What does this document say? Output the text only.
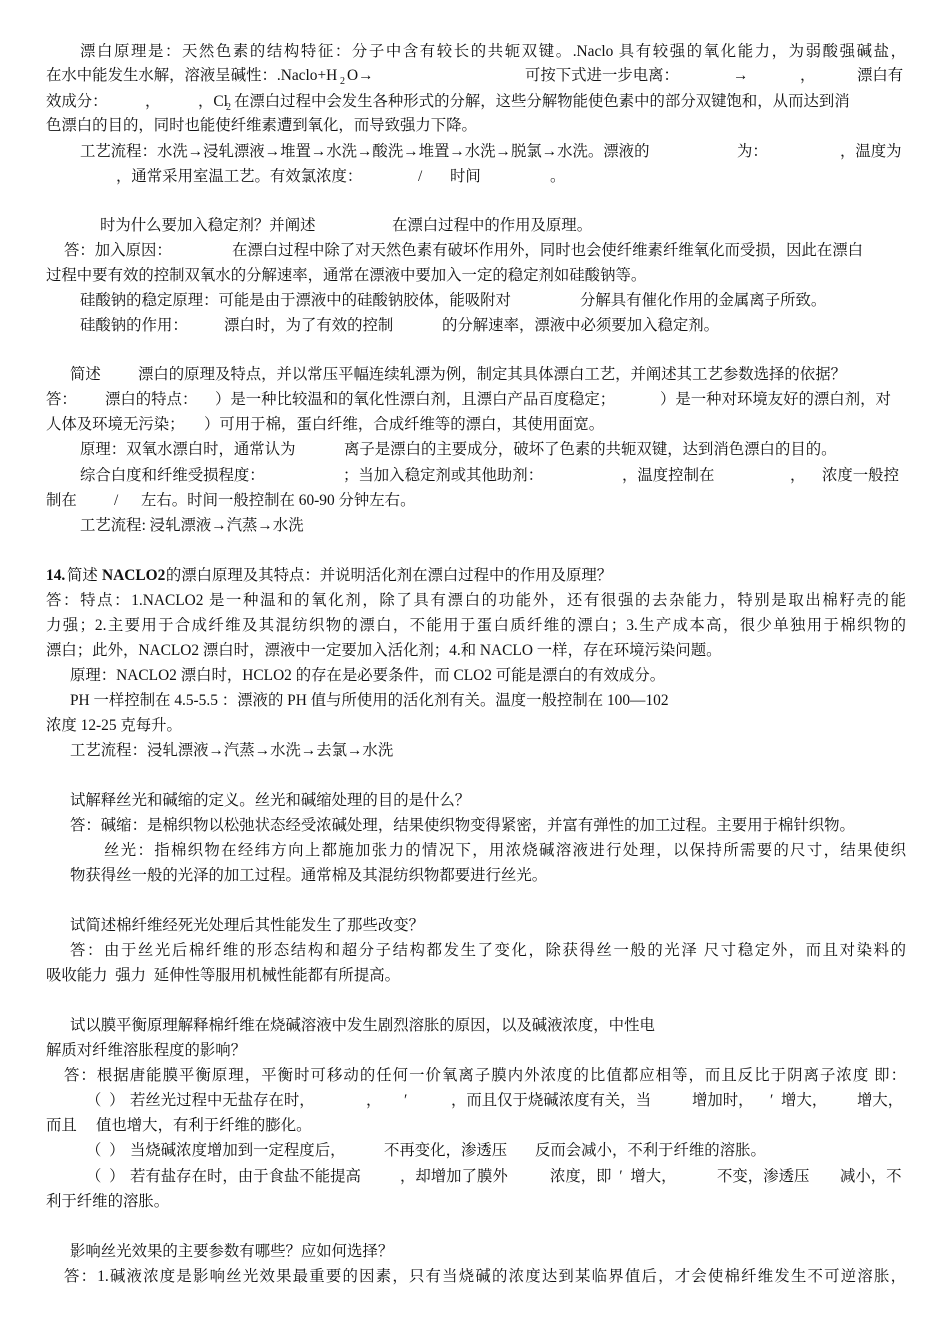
漂白原理是：天然色素的结构特征：分子中含有较长的共轭双键。.Naclo 具有较强的氧化能力，为弱酸强碱盐，
在水中能发生水解，溶液呈碱性：.Naclo+H 2 O→	可按下式进一步电离：	→	，	漂白有
效成分： ， ，Cl
2 在漂白过程中会发生各种形式的分解，这些分解物能使色素中的部分双键饱和，从而达到消
色漂白的目的，同时也能使纤维素遭到氧化，而导致强力下降。
工艺流程：水洗→浸轧漂液→堆置→水洗→酸洗→堆置→水洗→脱氯→水洗。漂液的	为：	，温度为
，通常采用室温工艺。有效氯浓度：	/ 时间	。
时为什么要加入稳定剂？并阐述	在漂白过程中的作用及原理。
答：加入原因：	在漂白过程中除了对天然色素有破坏作用外，同时也会使纤维素纤维氧化而受损，因此在漂白
过程中要有效的控制双氧水的分解速率，通常在漂液中要加入一定的稳定剂如硅酸钠等。
硅酸钠的稳定原理：可能是由于漂液中的硅酸钠胶体，能吸附对	分解具有催化作用的金属离子所致。
硅酸钠的作用： 漂白时，为了有效的控制	的分解速率，漂液中必须要加入稳定剂。
简述 漂白的原理及特点，并以常压平幅连续轧漂为例，制定其具体漂白工艺，并阐述其工艺参数选择的依据？
答： 漂白的特点： ）是一种比较温和的氧化性漂白剂，且漂白产品百度稳定；	）是一种对环境友好的漂白剂，对
人体及环境无污染； ）可用于棉，蛋白纤维，合成纤维等的漂白，其使用面宽。
原理：双氧水漂白时，通常认为	离子是漂白的主要成分，破坏了色素的共轭双键，达到消色漂白的目的。
综合白度和纤维受损程度：	；当加入稳定剂或其他助剂：	，温度控制在	， 浓度一般控
制在 / 左右。时间一般控制在 60-90 分钟左右。
工艺流程: 浸轧漂液→汽蒸→水洗
14. 简述 NACLO2
的漂白原理及其特点：并说明活化剂在漂白过程中的作用及原理？
答：特点：1.NACLO2 是一种温和的氧化剂，除了具有漂白的功能外，还有很强的去杂能力，特别是取出棉籽壳的能
力强；2.主要用于合成纤维及其混纺织物的漂白，不能用于蛋白质纤维的漂白；3.生产成本高，很少单独用于棉织物的
漂白；此外，NACLO2 漂白时，漂液中一定要加入活化剂；4.和 NACLO 一样，存在环境污染问题。
原理：NACLO2 漂白时，HCLO2 的存在是必要条件，而 CLO2 可能是漂白的有效成分。
PH 一样控制在 4.5-5.5 ：漂液的 PH 值与所使用的活化剂有关。温度一般控制在 100—102
浓度 12-25 克每升。
工艺流程：浸轧漂液→汽蒸→水洗→去氯→水洗
试解释丝光和碱缩的定义。丝光和碱缩处理的目的是什么？
答：碱缩：是棉织物以松弛状态经受浓碱处理，结果使织物变得紧密，并富有弹性的加工过程。主要用于棉针织物。
丝光：指棉织物在经纬方向上都施加张力的情况下，用浓烧碱溶液进行处理，以保持所需要的尺寸，结果使织
物获得丝一般的光泽的加工过程。通常棉及其混纺织物都要进行丝光。
试简述棉纤维经死光处理后其性能发生了那些改变？
答：由于丝光后棉纤维的形态结构和超分子结构都发生了变化，除获得丝一般的光泽 尺寸稳定外，而且对染料的
吸收能力  强力  延伸性等服用机械性能都有所提高。
试以膜平衡原理解释棉纤维在烧碱溶液中发生剧烈溶胀的原因，以及碱液浓度，中性电
解质对纤维溶胀程度的影响？
答：根据唐能膜平衡原理，平衡时可移动的任何一价氧离子膜内外浓度的比值都应相等，而且反比于阴离子浓度 即：
（  ） 若丝光过程中无盐存在时，	， ′	，而且仅于烧碱浓度有关，当	增加时， ′  增大， 增大，
而且 值也增大，有利于纤维的膨化。
（  ） 当烧碱浓度增加到一定程度后，	不再变化，渗透压 反而会减小，不利于纤维的溶胀。
（  ） 若有盐存在时，由于食盐不能提高	，却增加了膜外	浓度，即  ′  增大，	不变，渗透压 减小，不
利于纤维的溶胀。
影响丝光效果的主要参数有哪些？应如何选择？
答：1.碱液浓度是影响丝光效果最重要的因素，只有当烧碱的浓度达到某临界值后，才会使棉纤维发生不可逆溶胀，
